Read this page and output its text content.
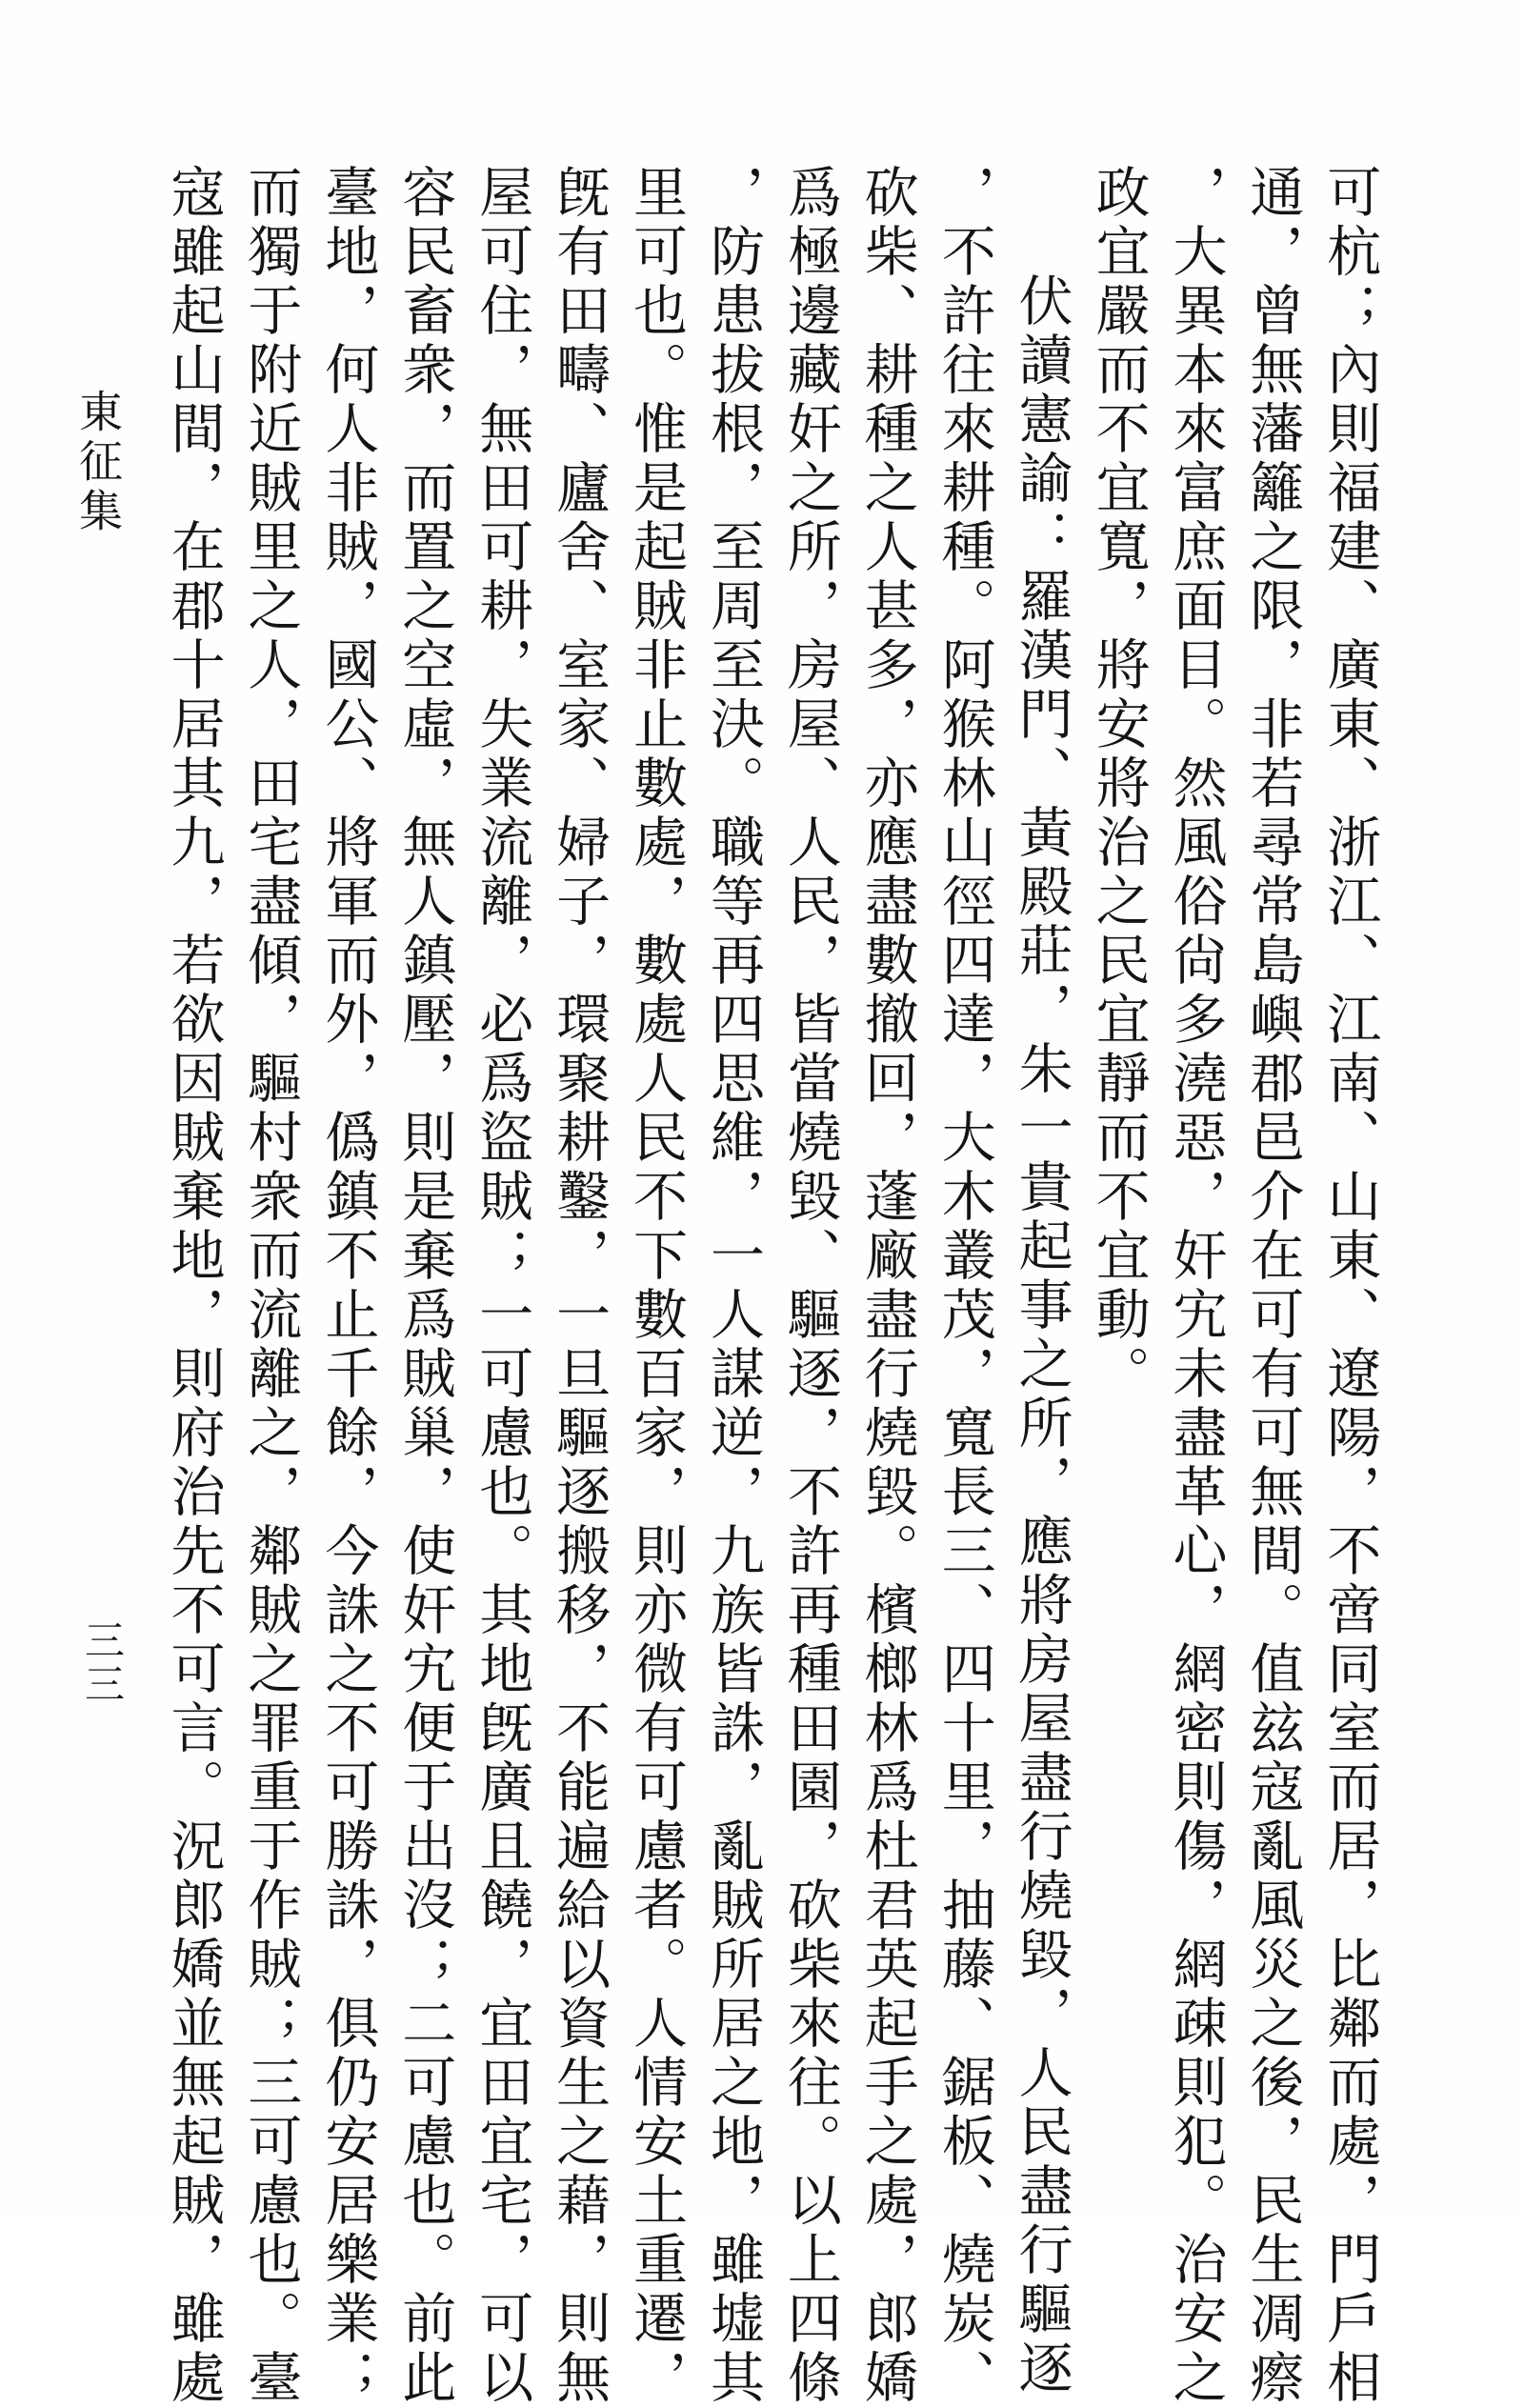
可杭；內則福建、廣東、浙江、江南、山東、遼陽，不啻同室而居，比鄰而處，門戶相
通，曾無藩籬之限，非若尋常島嶼郡邑介在可有可無間。值玆寇亂風災之後，民生凋瘵
，大異本來富庶面目。然風俗尙多澆惡，奸宄未盡革心，網密則傷，網疎則犯。治安之
政宜嚴而不宜寬，將安將治之民宜靜而不宜動。
伏讀憲諭：羅漢門、黃殿莊，朱一貴起事之所，應將房屋盡行燒毀，人民盡行驅逐
，不許往來耕種。阿猴林山徑四達，大木叢茂，寬長三、四十里，抽藤、鋸板、燒炭、
砍柴、耕種之人甚多，亦應盡數撤回，蓬廠盡行燒毀。檳榔林爲杜君英起手之處，郎嬌
爲極邊藏奸之所，房屋、人民，皆當燒毀、驅逐，不許再種田園，砍柴來往。以上四條
，防患拔根，至周至決。職等再四思維，一人謀逆，九族皆誅，亂賊所居之地，雖墟其
里可也。惟是起賊非止數處，數處人民不下數百家，則亦微有可慮者。人情安土重遷，
旣有田疇、廬舍、室家、婦子，環聚耕鑿，一旦驅逐搬移，不能遍給以資生之藉，則無
屋可住，無田可耕，失業流離，必爲盜賊；一可慮也。其地旣廣且饒，宜田宜宅，可以
容民畜衆，而置之空虛，無人鎮壓，則是棄爲賊巢，使奸宄便于出沒；二可慮也。前此
臺地，何人非賊，國公、將軍而外，僞鎮不止千餘，今誅之不可勝誅，俱仍安居樂業；
而獨于附近賊里之人，田宅盡傾，驅村衆而流離之，鄰賊之罪重于作賊；三可慮也。臺
寇雖起山間，在郡十居其九，若欲因賊棄地，則府治先不可言。況郎嬌並無起賊，雖處
東征集
三三
